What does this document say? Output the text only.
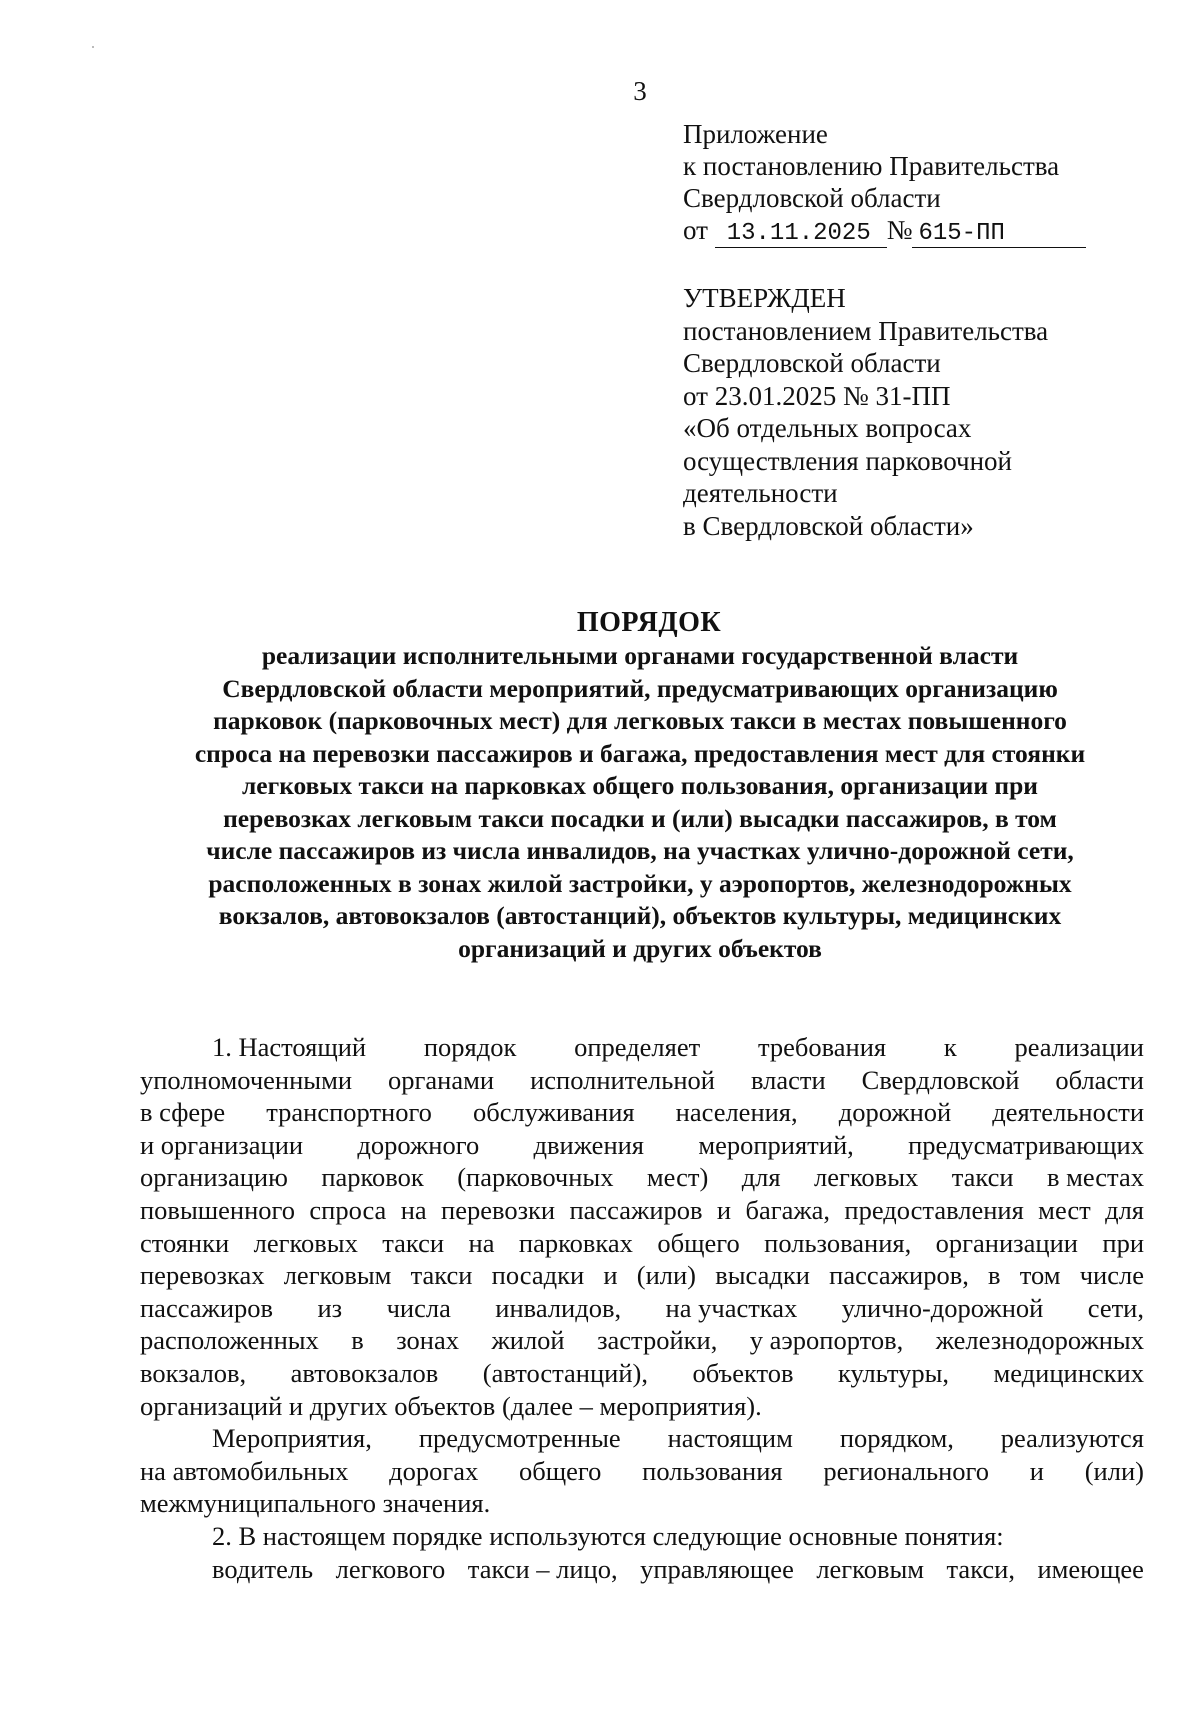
3
Приложение
к постановлению Правительства
Свердловской области
от 13.11.2025 № 615-ПП
УТВЕРЖДЕН
постановлением Правительства
Свердловской области
от 23.01.2025 № 31-ПП
«Об отдельных вопросах
осуществления парковочной
деятельности
в Свердловской области»
ПОРЯДОК
реализации исполнительными органами государственной власти
Свердловской области мероприятий, предусматривающих организацию
парковок (парковочных мест) для легковых такси в местах повышенного
спроса на перевозки пассажиров и багажа, предоставления мест для стоянки
легковых такси на парковках общего пользования, организации при
перевозках легковым такси посадки и (или) высадки пассажиров, в том
числе пассажиров из числа инвалидов, на участках улично-дорожной сети,
расположенных в зонах жилой застройки, у аэропортов, железнодорожных
вокзалов, автовокзалов (автостанций), объектов культуры, медицинских
организаций и других объектов
1. Настоящий порядок определяет требования к реализации
уполномоченными органами исполнительной власти Свердловской области
в сфере транспортного обслуживания населения, дорожной деятельности
и организации дорожного движения мероприятий, предусматривающих
организацию парковок (парковочных мест) для легковых такси в местах
повышенного спроса на перевозки пассажиров и багажа, предоставления мест для
стоянки легковых такси на парковках общего пользования, организации при
перевозках легковым такси посадки и (или) высадки пассажиров, в том числе
пассажиров из числа инвалидов, на участках улично-дорожной сети,
расположенных в зонах жилой застройки, у аэропортов, железнодорожных
вокзалов, автовокзалов (автостанций), объектов культуры, медицинских
организаций и других объектов (далее – мероприятия).
Мероприятия, предусмотренные настоящим порядком, реализуются
на автомобильных дорогах общего пользования регионального и (или)
межмуниципального значения.
2. В настоящем порядке используются следующие основные понятия:
водитель легкового такси – лицо, управляющее легковым такси, имеющее
